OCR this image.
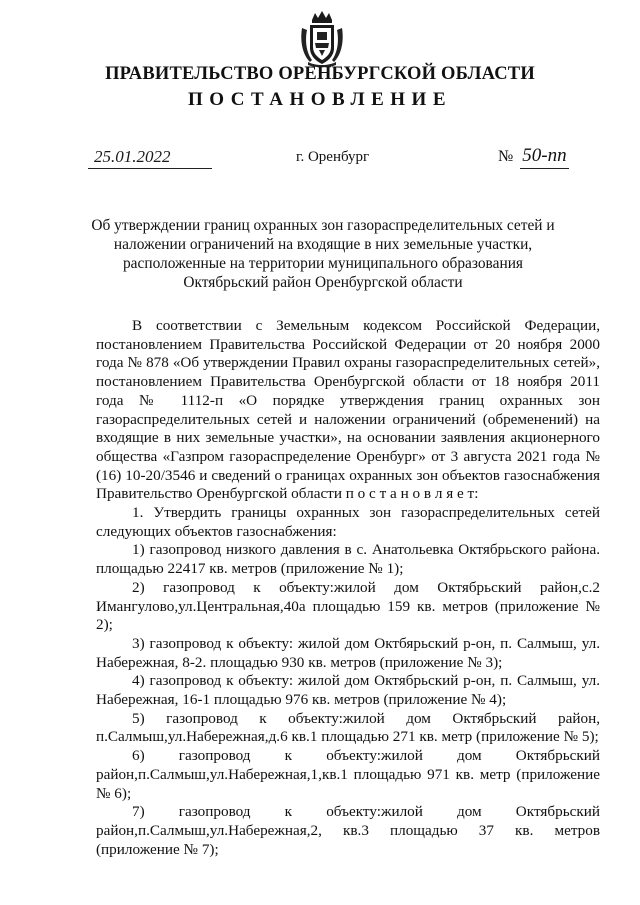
ПРАВИТЕЛЬСТВО ОРЕНБУРГСКОЙ ОБЛАСТИ
ПОСТАНОВЛЕНИЕ
25.01.2022	г. Оренбург	№ 50-пп
Об утверждении границ охранных зон газораспределительных сетей и наложении ограничений на входящие в них земельные участки, расположенные на территории муниципального образования Октябрьский район Оренбургской области

В соответствии с Земельным кодексом Российской Федерации, постановлением Правительства Российской Федерации от 20 ноября 2000 года № 878 «Об утверждении Правил охраны газораспределительных сетей», постановлением Правительства Оренбургской области от 18 ноября 2011 года № 1112-п «О порядке утверждения границ охранных зон газораспределительных сетей и наложении ограничений (обременений) на входящие в них земельные участки», на основании заявления акционерного общества «Газпром газораспределение Оренбург» от 3 августа 2021 года № (16) 10-20/3546 и сведений о границах охранных зон объектов газоснабжения Правительство Оренбургской области п о с т а н о в л я е т:

1. Утвердить границы охранных зон газораспределительных сетей следующих объектов газоснабжения:

1) газопровод низкого давления в с. Анатольевка Октябрьского района. площадью 22417 кв. метров (приложение № 1);

2) газопровод к объекту:жилой дом Октябрьский район,с.2 Имангулово,ул.Центральная,40а площадью 159 кв. метров (приложение № 2);

3) газопровод к объекту: жилой дом Октбярьский р-он, п. Салмыш, ул. Набережная, 8-2. площадью 930 кв. метров (приложение № 3);

4) газопровод к объекту: жилой дом Октябрьский р-он, п. Салмыш, ул. Набережная, 16-1 площадью 976 кв. метров (приложение № 4);

5) газопровод к объекту:жилой дом Октябрьский район, п.Салмыш,ул.Набережная,д.6 кв.1 площадью 271 кв. метр (приложение № 5);

6) газопровод к объекту:жилой дом Октябрьский район,п.Салмыш,ул.Набережная,1,кв.1 площадью 971 кв. метр (приложение № 6);

7) газопровод к объекту:жилой дом Октябрьский район,п.Салмыш,ул.Набережная,2, кв.3 площадью 37 кв. метров (приложение № 7);
